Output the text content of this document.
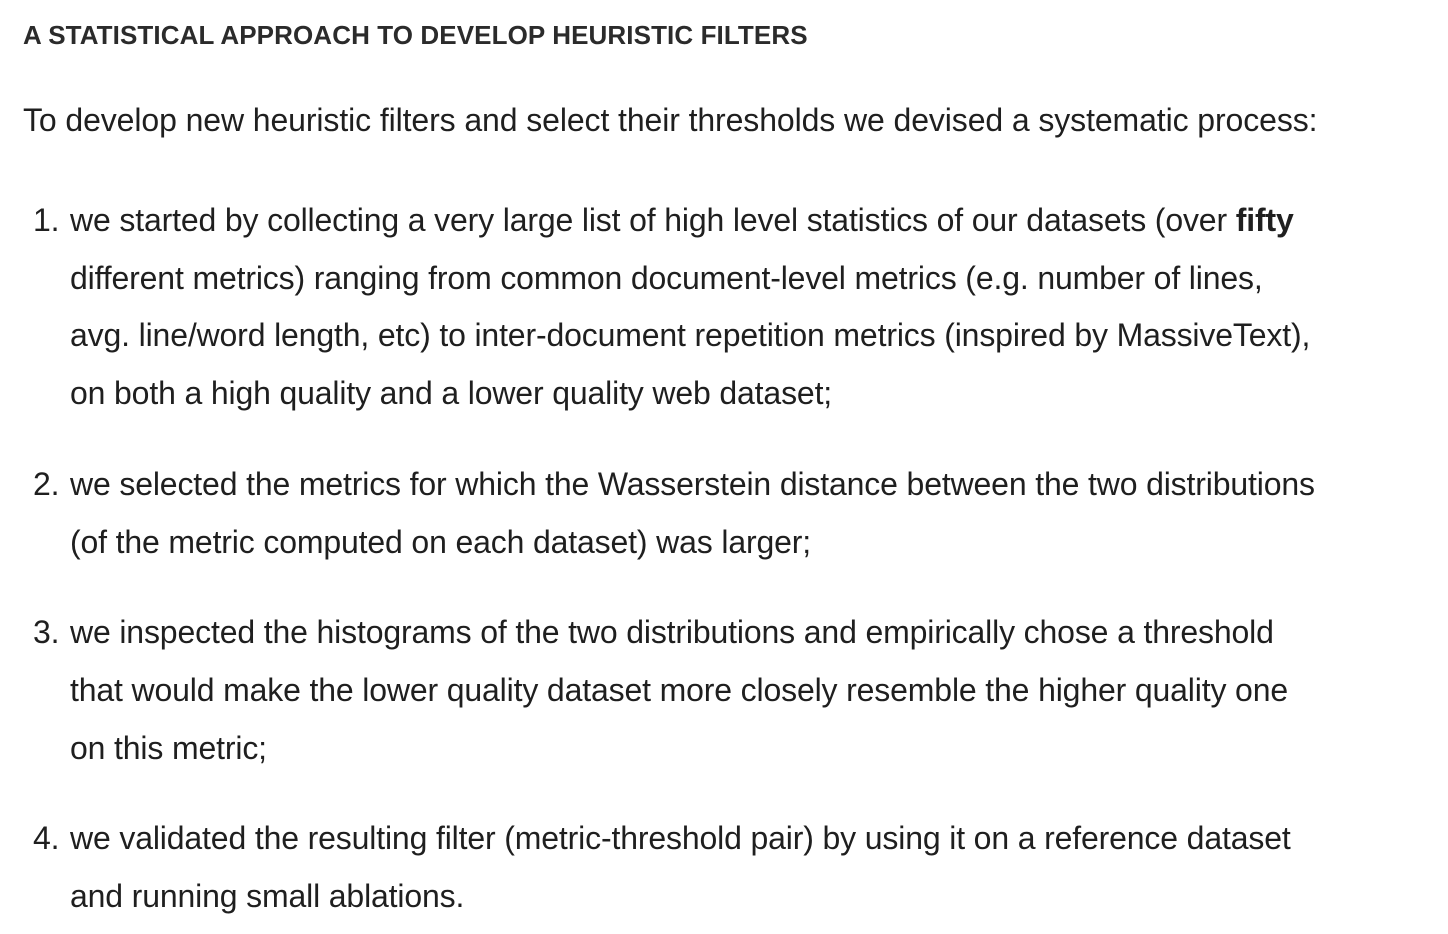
A STATISTICAL APPROACH TO DEVELOP HEURISTIC FILTERS

To develop new heuristic filters and select their thresholds we devised a systematic process:

1. we started by collecting a very large list of high level statistics of our datasets (over fifty
different metrics) ranging from common document-level metrics (e.g. number of lines,
avg. line/word length, etc) to inter-document repetition metrics (inspired by MassiveText),
on both a high quality and a lower quality web dataset;
2. we selected the metrics for which the Wasserstein distance between the two distributions
(of the metric computed on each dataset) was larger;
3. we inspected the histograms of the two distributions and empirically chose a threshold
that would make the lower quality dataset more closely resemble the higher quality one
on this metric;
4. we validated the resulting filter (metric-threshold pair) by using it on a reference dataset
and running small ablations.
